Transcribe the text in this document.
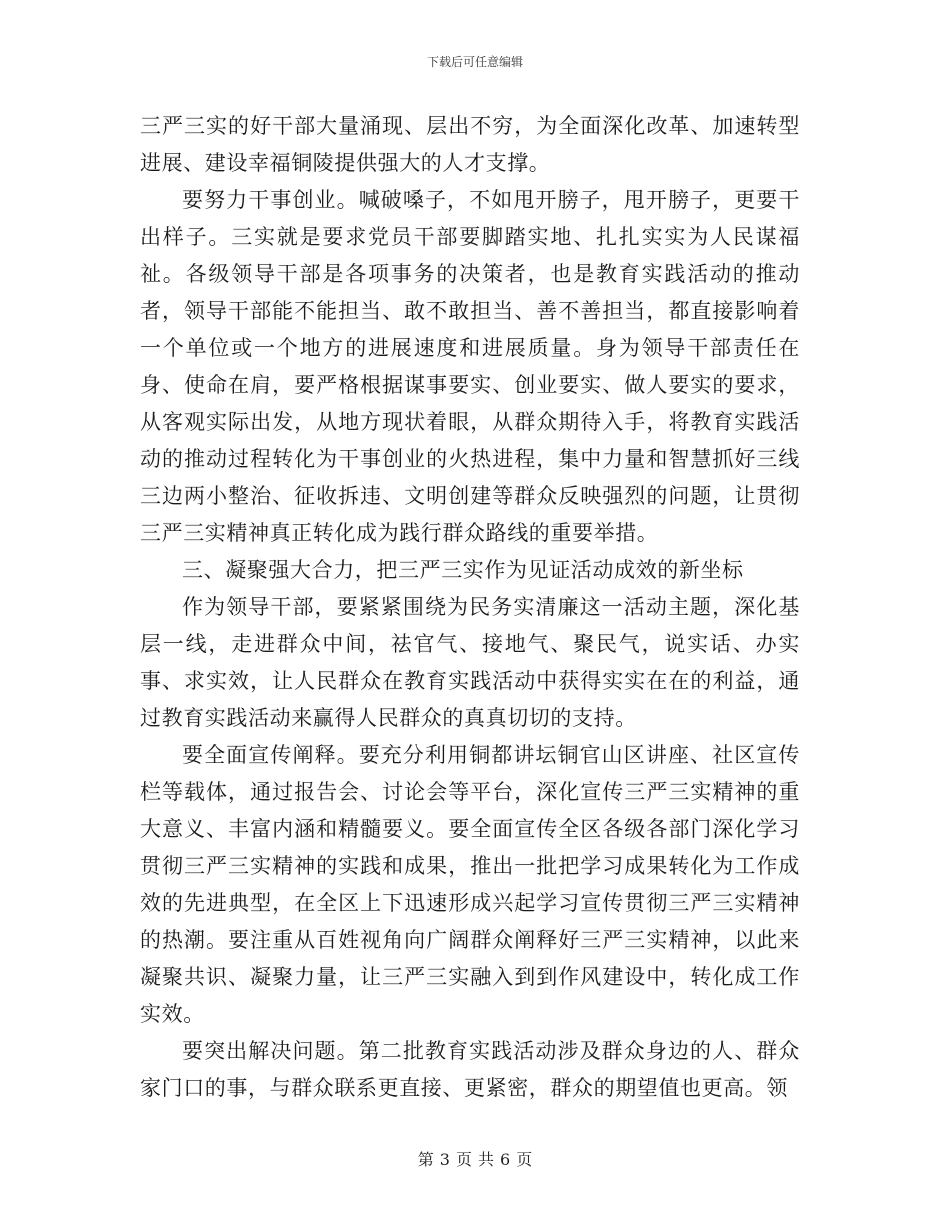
下载后可任意编辑

三严三实的好干部大量涌现、层出不穷，为全面深化改革、加速转型进展、建设幸福铜陵提供强大的人才支撑。

要努力干事创业。喊破嗓子，不如甩开膀子，甩开膀子，更要干出样子。三实就是要求党员干部要脚踏实地、扎扎实实为人民谋福祉。各级领导干部是各项事务的决策者，也是教育实践活动的推动者，领导干部能不能担当、敢不敢担当、善不善担当，都直接影响着一个单位或一个地方的进展速度和进展质量。身为领导干部责任在身、使命在肩，要严格根据谋事要实、创业要实、做人要实的要求，从客观实际出发，从地方现状着眼，从群众期待入手，将教育实践活动的推动过程转化为干事创业的火热进程，集中力量和智慧抓好三线三边两小整治、征收拆违、文明创建等群众反映强烈的问题，让贯彻三严三实精神真正转化成为践行群众路线的重要举措。

三、凝聚强大合力，把三严三实作为见证活动成效的新坐标

作为领导干部，要紧紧围绕为民务实清廉这一活动主题，深化基层一线，走进群众中间，祛官气、接地气、聚民气，说实话、办实事、求实效，让人民群众在教育实践活动中获得实实在在的利益，通过教育实践活动来赢得人民群众的真真切切的支持。

要全面宣传阐释。要充分利用铜都讲坛铜官山区讲座、社区宣传栏等载体，通过报告会、讨论会等平台，深化宣传三严三实精神的重大意义、丰富内涵和精髓要义。要全面宣传全区各级各部门深化学习贯彻三严三实精神的实践和成果，推出一批把学习成果转化为工作成效的先进典型，在全区上下迅速形成兴起学习宣传贯彻三严三实精神的热潮。要注重从百姓视角向广阔群众阐释好三严三实精神，以此来凝聚共识、凝聚力量，让三严三实融入到到作风建设中，转化成工作实效。

要突出解决问题。第二批教育实践活动涉及群众身边的人、群众家门口的事，与群众联系更直接、更紧密，群众的期望值也更高。领

第 3 页 共 6 页
